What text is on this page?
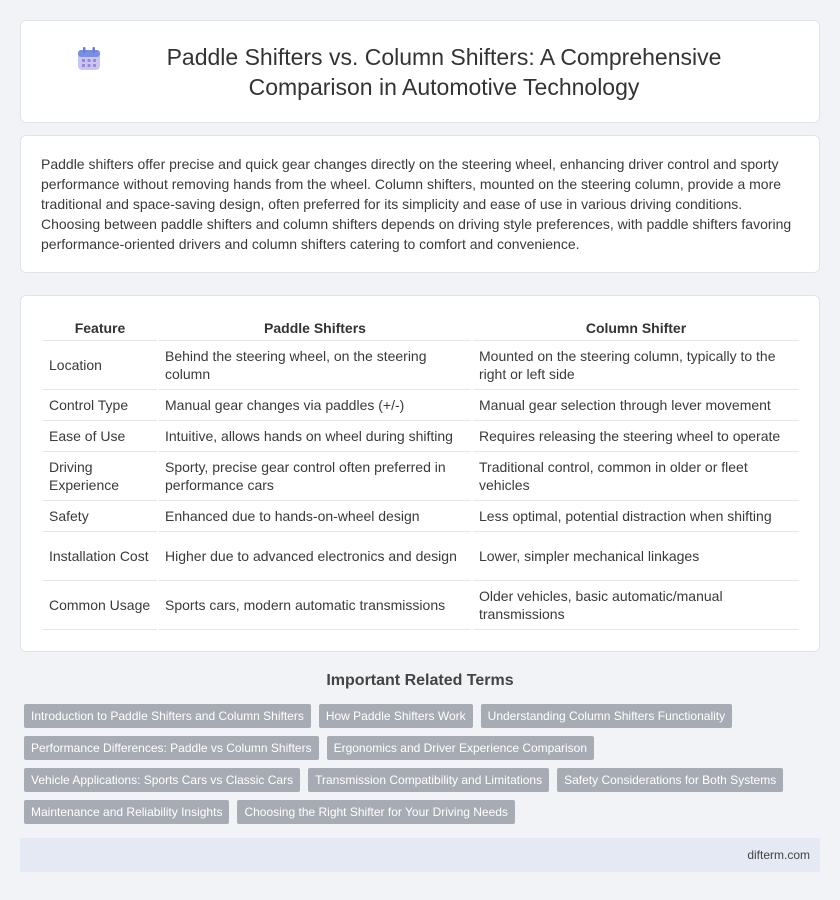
Paddle Shifters vs. Column Shifters: A Comprehensive Comparison in Automotive Technology

Paddle shifters offer precise and quick gear changes directly on the steering wheel, enhancing driver control and sporty performance without removing hands from the wheel. Column shifters, mounted on the steering column, provide a more traditional and space-saving design, often preferred for its simplicity and ease of use in various driving conditions. Choosing between paddle shifters and column shifters depends on driving style preferences, with paddle shifters favoring performance-oriented drivers and column shifters catering to comfort and convenience.

Feature	Paddle Shifters	Column Shifter
Location	Behind the steering wheel, on the steering column	Mounted on the steering column, typically to the right or left side
Control Type	Manual gear changes via paddles (+/-)	Manual gear selection through lever movement
Ease of Use	Intuitive, allows hands on wheel during shifting	Requires releasing the steering wheel to operate
Driving Experience	Sporty, precise gear control often preferred in performance cars	Traditional control, common in older or fleet vehicles
Safety	Enhanced due to hands-on-wheel design	Less optimal, potential distraction when shifting
Installation Cost	Higher due to advanced electronics and design	Lower, simpler mechanical linkages
Common Usage	Sports cars, modern automatic transmissions	Older vehicles, basic automatic/manual transmissions
Important Related Terms
Introduction to Paddle Shifters and Column Shifters	How Paddle Shifters Work	Understanding Column Shifters Functionality
Performance Differences: Paddle vs Column Shifters	Ergonomics and Driver Experience Comparison
Vehicle Applications: Sports Cars vs Classic Cars	Transmission Compatibility and Limitations	Safety Considerations for Both Systems
Maintenance and Reliability Insights	Choosing the Right Shifter for Your Driving Needs
difterm.com
